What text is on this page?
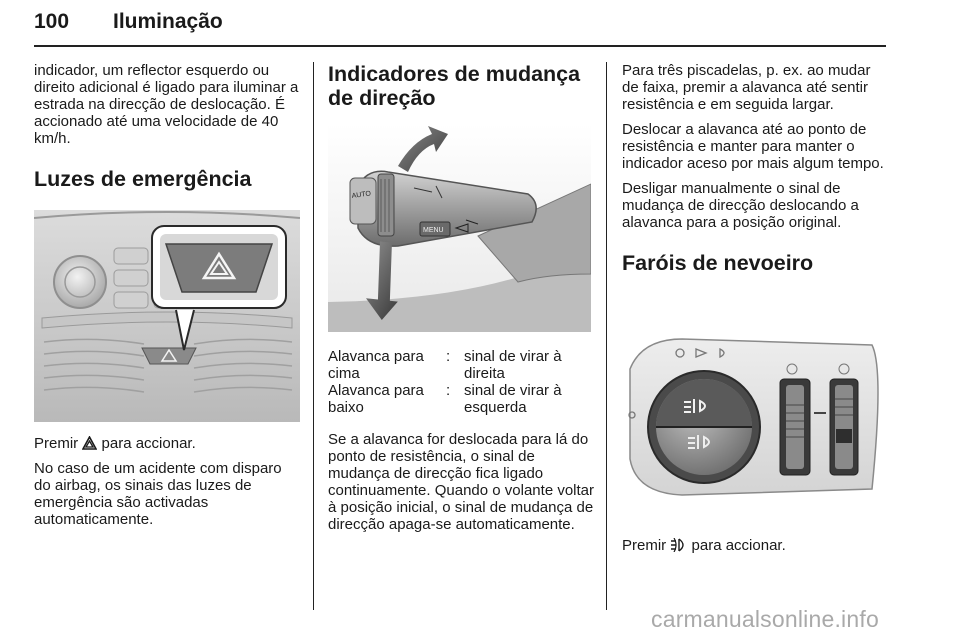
100 Iluminação

indicador, um reflector esquerdo ou direito adicional é ligado para iluminar a estrada na direcção de deslocação. É accionado até uma velocidade de 40 km/h.

Luzes de emergência

Premir para accionar.

No caso de um acidente com disparo do airbag, os sinais das luzes de emergência são activadas automaticamente.

Indicadores de mudança de direção
AUTO
MENU
Alavanca para cima
: sinal de virar à direita
Alavanca para baixo
: sinal de virar à esquerda

Se a alavanca for deslocada para lá do ponto de resistência, o sinal de mudança de direcção fica ligado continuamente. Quando o volante voltar à posição inicial, o sinal de mudança de direcção apaga-se automaticamente.

Para três piscadelas, p. ex. ao mudar de faixa, premir a alavanca até sentir resistência e em seguida largar.

Deslocar a alavanca até ao ponto de resistência e manter para manter o indicador aceso por mais algum tempo.

Desligar manualmente o sinal de mudança de direcção deslocando a alavanca para a posição original.

Faróis de nevoeiro

Premir para accionar.

carmanualsonline.info
